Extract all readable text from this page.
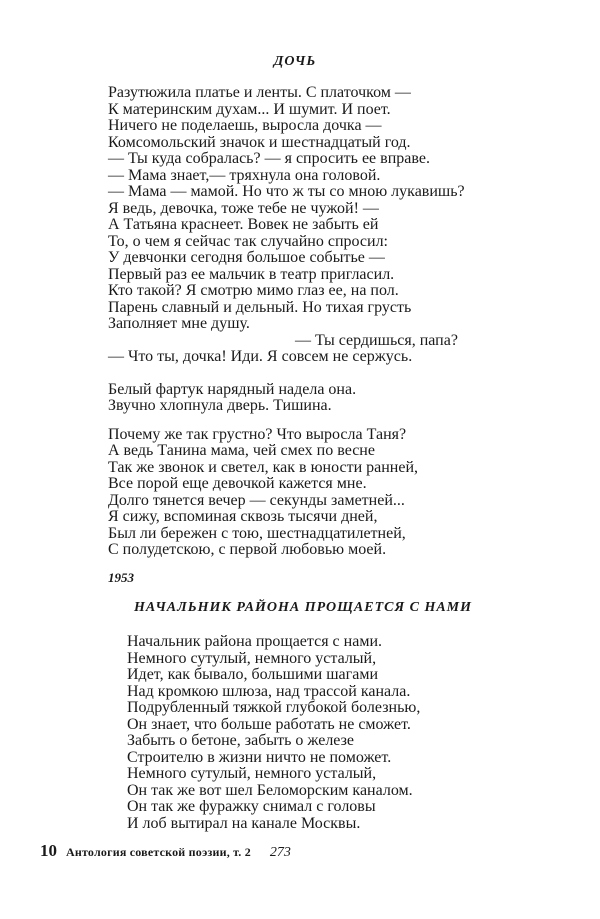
ДОЧЬ
Разутюжила платье и ленты. С платочком —
К материнским духам... И шумит. И поет.
Ничего не поделаешь, выросла дочка —
Комсомольский значок и шестнадцатый год.
— Ты куда собралась? — я спросить ее вправе.
— Мама знает,— тряхнула она головой.
— Мама — мамой. Но что ж ты со мною лукавишь?
Я ведь, девочка, тоже тебе не чужой! —
А Татьяна краснеет. Вовек не забыть ей
То, о чем я сейчас так случайно спросил:
У девчонки сегодня большое событье —
Первый раз ее мальчик в театр пригласил.
Кто такой? Я смотрю мимо глаз ее, на пол.
Парень славный и дельный. Но тихая грусть
Заполняет мне душу.
— Ты сердишься, папа?
— Что ты, дочка! Иди. Я совсем не сержусь.
Белый фартук нарядный надела она.
Звучно хлопнула дверь. Тишина.
Почему же так грустно? Что выросла Таня?
А ведь Танина мама, чей смех по весне
Так же звонок и светел, как в юности ранней,
Все порой еще девочкой кажется мне.
Долго тянется вечер — секунды заметней...
Я сижу, вспоминая сквозь тысячи дней,
Был ли бережен с тою, шестнадцатилетней,
С полудетскою, с первой любовью моей.
1953
НАЧАЛЬНИК РАЙОНА ПРОЩАЕТСЯ С НАМИ
Начальник района прощается с нами.
Немного сутулый, немного усталый,
Идет, как бывало, большими шагами
Над кромкою шлюза, над трассой канала.
Подрубленный тяжкой глубокой болезнью,
Он знает, что больше работать не сможет.
Забыть о бетоне, забыть о железе
Строителю в жизни ничто не поможет.
Немного сутулый, немного усталый,
Он так же вот шел Беломорским каналом.
Он так же фуражку снимал с головы
И лоб вытирал на канале Москвы.
10 Антология советской поэзии, т. 2 273
